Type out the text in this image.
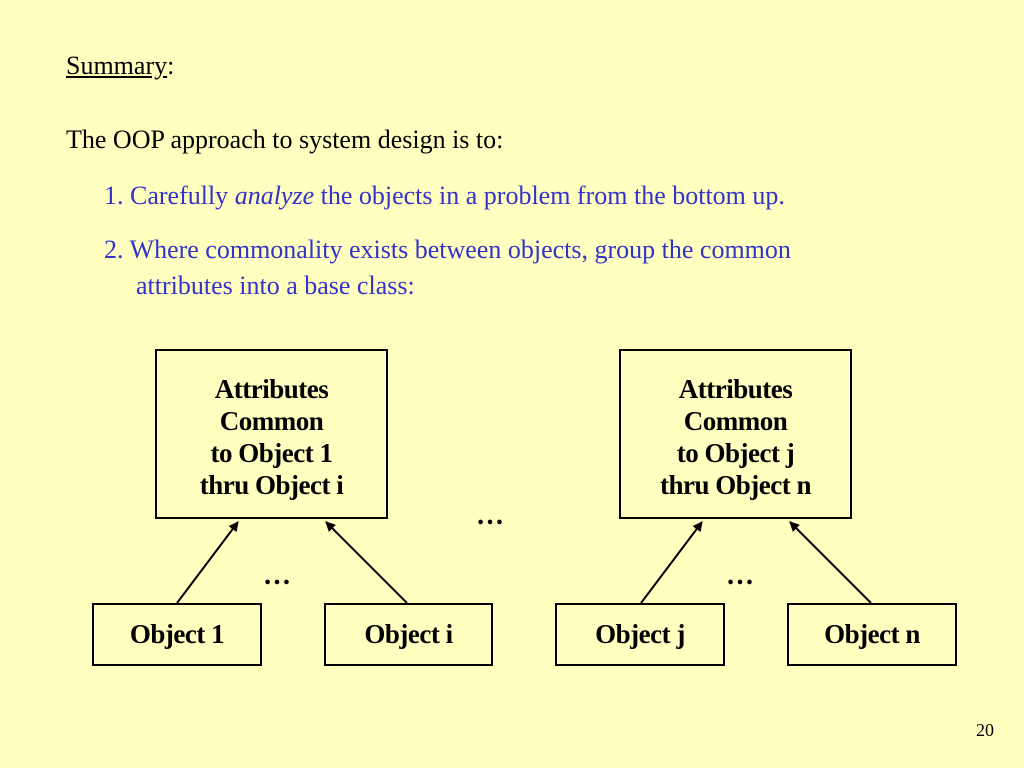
Summary:
The OOP approach to system design is to:
1. Carefully analyze the objects in a problem from the bottom up.
2. Where commonality exists between objects, group the common
attributes into a base class:
Attributes
Common
to Object 1
thru Object i
Attributes
Common
to Object j
thru Object n
Object 1	Object i	Object j	Object n
…
…
…
20
